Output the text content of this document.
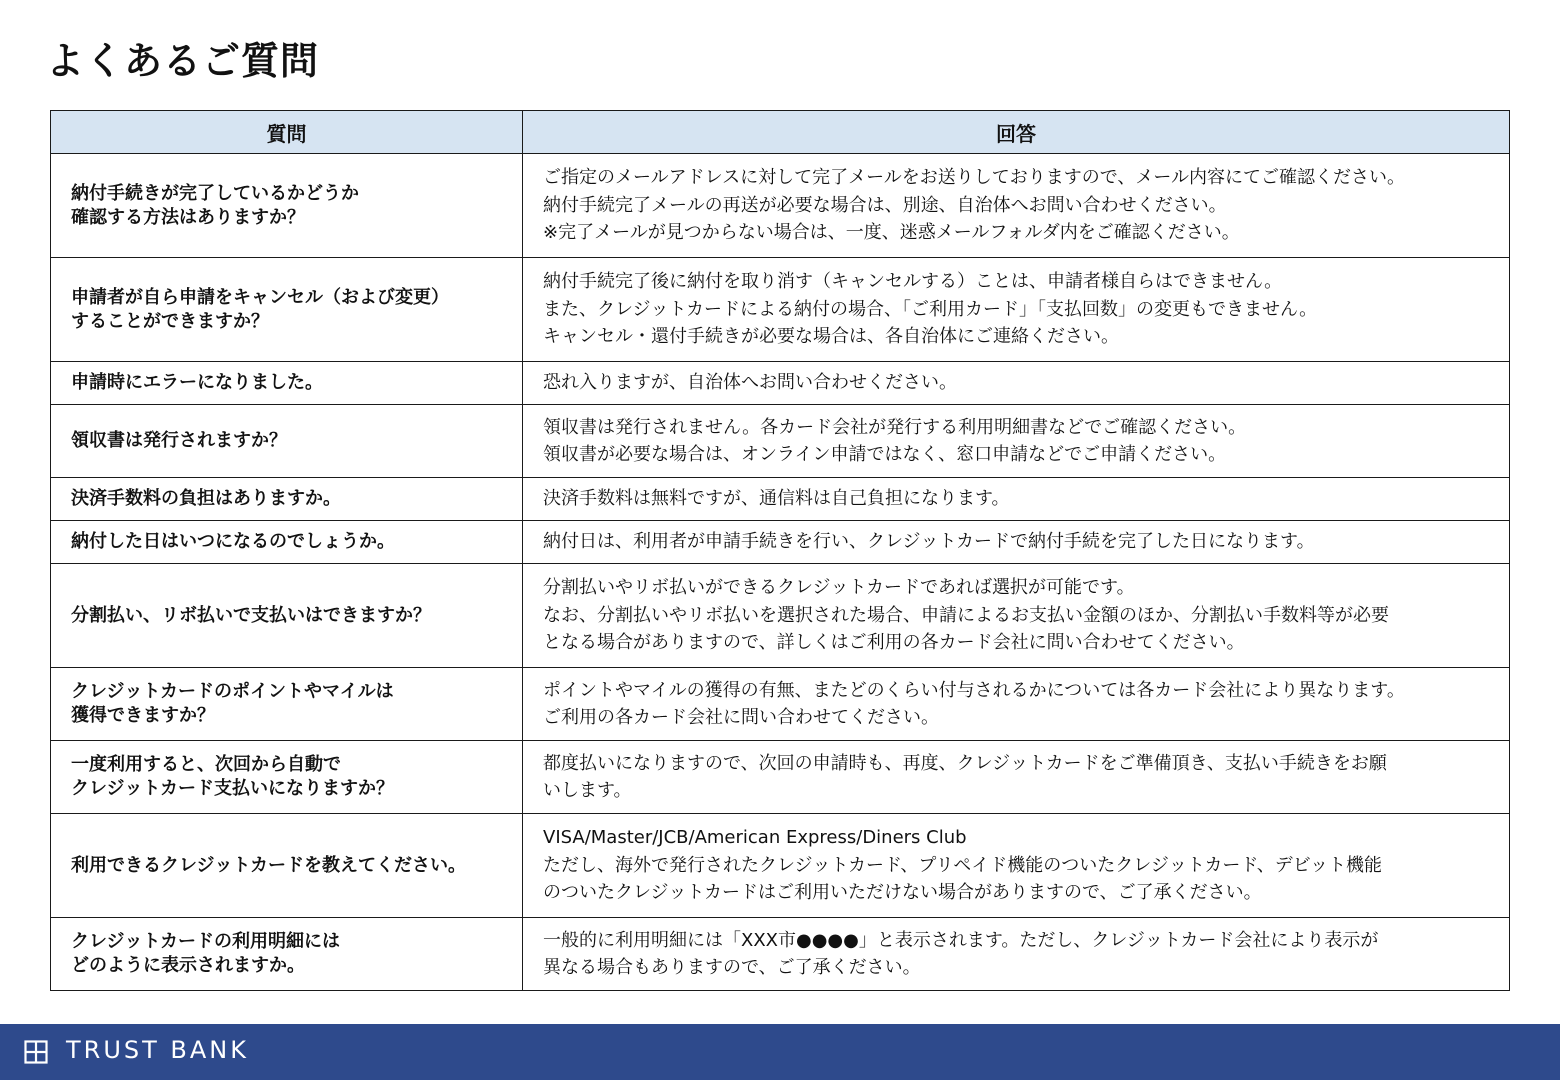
よくあるご質問
質問	回答

納付手続きが完了しているかどうか
確認する方法はありますか？	ご指定のメールアドレスに対して完了メールをお送りしておりますので、メール内容にてご確認ください。
納付手続完了メールの再送が必要な場合は、別途、自治体へお問い合わせください。
※完了メールが見つからない場合は、一度、迷惑メールフォルダ内をご確認ください。

申請者が自ら申請をキャンセル（および変更）
することができますか？	納付手続完了後に納付を取り消す（キャンセルする）ことは、申請者様自らはできません。
また、クレジットカードによる納付の場合、「ご利用カード」「支払回数」の変更もできません。
キャンセル・還付手続きが必要な場合は、各自治体にご連絡ください。

申請時にエラーになりました。	恐れ入りますが、自治体へお問い合わせください。

領収書は発行されますか？	領収書は発行されません。各カード会社が発行する利用明細書などでご確認ください。
領収書が必要な場合は、オンライン申請ではなく、窓口申請などでご申請ください。

決済手数料の負担はありますか。	決済手数料は無料ですが、通信料は自己負担になります。

納付した日はいつになるのでしょうか。	納付日は、利用者が申請手続きを行い、クレジットカードで納付手続を完了した日になります。

分割払い、リボ払いで支払いはできますか？	分割払いやリボ払いができるクレジットカードであれば選択が可能です。
なお、分割払いやリボ払いを選択された場合、申請によるお支払い金額のほか、分割払い手数料等が必要
となる場合がありますので、詳しくはご利用の各カード会社に問い合わせてください。

クレジットカードのポイントやマイルは
獲得できますか？	ポイントやマイルの獲得の有無、またどのくらい付与されるかについては各カード会社により異なります。
ご利用の各カード会社に問い合わせてください。

一度利用すると、次回から自動で
クレジットカード支払いになりますか？	都度払いになりますので、次回の申請時も、再度、クレジットカードをご準備頂き、支払い手続きをお願
いします。

利用できるクレジットカードを教えてください。	VISA/Master/JCB/American Express/Diners Club
ただし、海外で発行されたクレジットカード、プリペイド機能のついたクレジットカード、デビット機能
のついたクレジットカードはご利用いただけない場合がありますので、ご了承ください。

クレジットカードの利用明細には
どのように表示されますか。	一般的に利用明細には「XXX市●●●●」と表示されます。ただし、クレジットカード会社により表示が
異なる場合もありますので、ご了承ください。
TRUST BANK
